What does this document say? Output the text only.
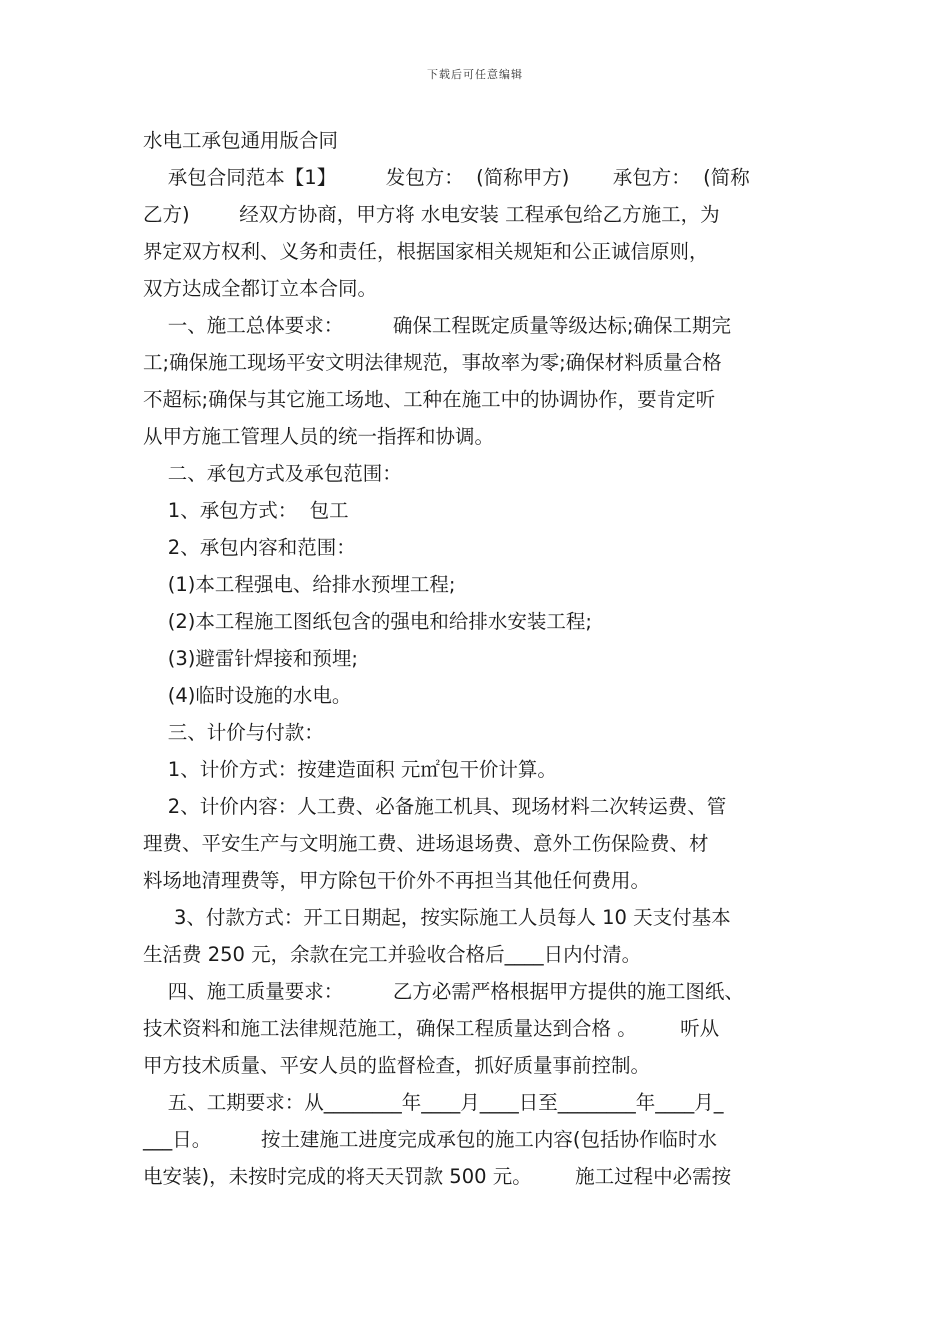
下载后可任意编辑
水电工承包通用版合同
承包合同范本【1】        发包方：  (简称甲方)       承包方：  (简称
乙方)        经双方协商，甲方将 水电安装 工程承包给乙方施工，为
界定双方权利、义务和责任，根据国家相关规矩和公正诚信原则，
双方达成全都订立本合同。
一、施工总体要求：        确保工程既定质量等级达标;确保工期完
工;确保施工现场平安文明法律规范，事故率为零;确保材料质量合格
不超标;确保与其它施工场地、工种在施工中的协调协作，要肯定听
从甲方施工管理人员的统一指挥和协调。
二、承包方式及承包范围：
1、承包方式：  包工
2、承包内容和范围：
(1)本工程强电、给排水预埋工程;
(2)本工程施工图纸包含的强电和给排水安装工程;
(3)避雷针焊接和预埋;
(4)临时设施的水电。
三、计价与付款：
1、计价方式：按建造面积 元㎡包干价计算。
2、计价内容：人工费、必备施工机具、现场材料二次转运费、管
理费、平安生产与文明施工费、进场退场费、意外工伤保险费、材
料场地清理费等，甲方除包干价外不再担当其他任何费用。
3、付款方式：开工日期起，按实际施工人员每人 10 天支付基本
生活费 250 元，余款在完工并验收合格后____日内付清。
四、施工质量要求：        乙方必需严格根据甲方提供的施工图纸、
技术资料和施工法律规范施工，确保工程质量达到合格 。       听从
甲方技术质量、平安人员的监督检查，抓好质量事前控制。
五、工期要求：从________年____月____日至________年____月_
___日。        按土建施工进度完成承包的施工内容(包括协作临时水
电安装)，未按时完成的将天天罚款 500 元。       施工过程中必需按
